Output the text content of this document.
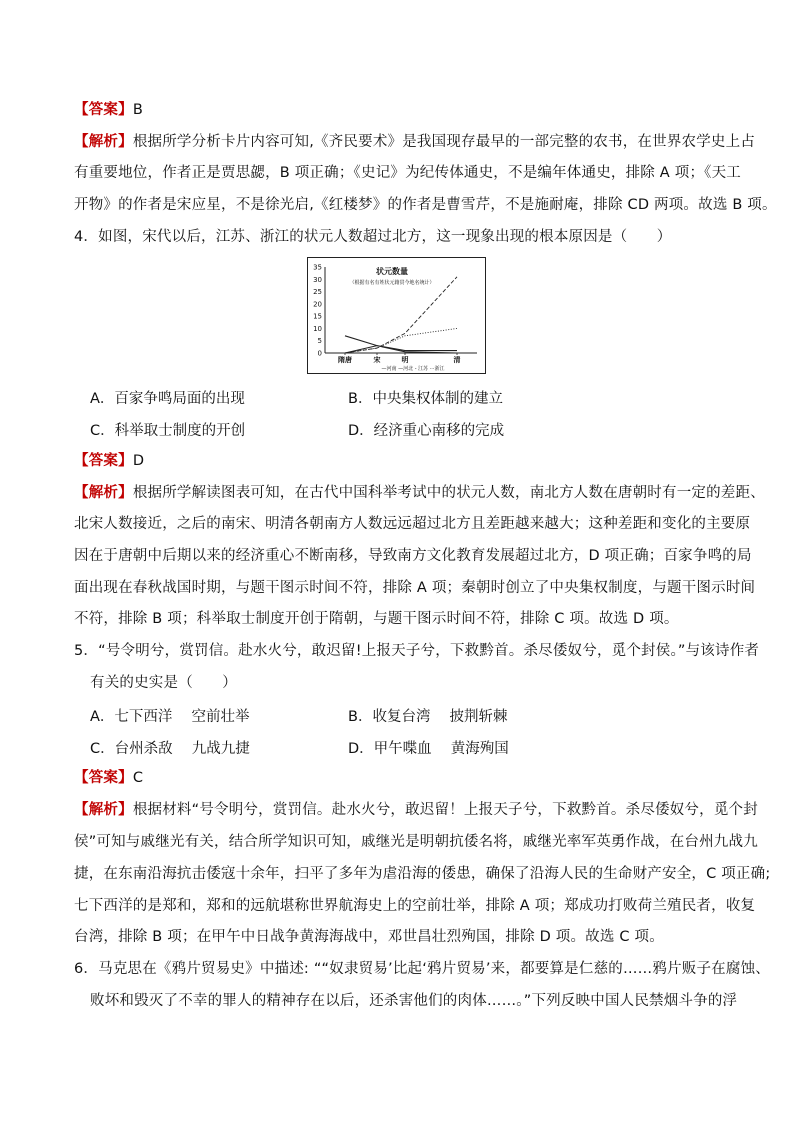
【答案】B
【解析】根据所学分析卡片内容可知,《齐民要术》是我国现存最早的一部完整的农书，在世界农学史上占
有重要地位，作者正是贾思勰，B 项正确；《史记》为纪传体通史，不是编年体通史，排除 A 项；《天工
开物》的作者是宋应星，不是徐光启,《红楼梦》的作者是曹雪芹，不是施耐庵，排除 CD 两项。故选 B 项。
4．如图，宋代以后，江苏、浙江的状元人数超过北方，这一现象出现的根本原因是（　　）
状元数量
（根据有名有姓状元籍贯今地名统计）
0
5
10
15
20
25
30
35
隋唐	宋	明	清
—河南 —河北 - 江苏 ···浙江
A．百家争鸣局面的出现	B．中央集权体制的建立
C．科举取士制度的开创	D．经济重心南移的完成
【答案】D
【解析】根据所学解读图表可知，在古代中国科举考试中的状元人数，南北方人数在唐朝时有一定的差距、
北宋人数接近，之后的南宋、明清各朝南方人数远远超过北方且差距越来越大；这种差距和变化的主要原
因在于唐朝中后期以来的经济重心不断南移，导致南方文化教育发展超过北方，D 项正确；百家争鸣的局
面出现在春秋战国时期，与题干图示时间不符，排除 A 项；秦朝时创立了中央集权制度，与题干图示时间
不符，排除 B 项；科举取士制度开创于隋朝，与题干图示时间不符，排除 C 项。故选 D 项。
5．“号令明兮，赏罚信。赴水火兮，敢迟留!上报天子兮，下救黔首。杀尽倭奴兮，觅个封侯。”与该诗作者
有关的史实是（　　）
A．七下西洋　 空前壮举	B．收复台湾　 披荆斩棘
C．台州杀敌　 九战九捷	D．甲午喋血　 黄海殉国
【答案】C
【解析】根据材料“号令明兮，赏罚信。赴水火兮，敢迟留！上报天子兮，下救黔首。杀尽倭奴兮，觅个封
侯”可知与戚继光有关，结合所学知识可知，戚继光是明朝抗倭名将，戚继光率军英勇作战，在台州九战九
捷，在东南沿海抗击倭寇十余年，扫平了多年为虐沿海的倭患，确保了沿海人民的生命财产安全，C 项正确;
七下西洋的是郑和，郑和的远航堪称世界航海史上的空前壮举，排除 A 项；郑成功打败荷兰殖民者，收复
台湾，排除 B 项；在甲午中日战争黄海海战中，邓世昌壮烈殉国，排除 D 项。故选 C 项。
6．马克思在《鸦片贸易史》中描述: ““奴隶贸易’比起‘鸦片贸易’来，都要算是仁慈的……鸦片贩子在腐蚀、
败坏和毁灭了不幸的罪人的精神存在以后，还杀害他们的肉体……。”下列反映中国人民禁烟斗争的浮
